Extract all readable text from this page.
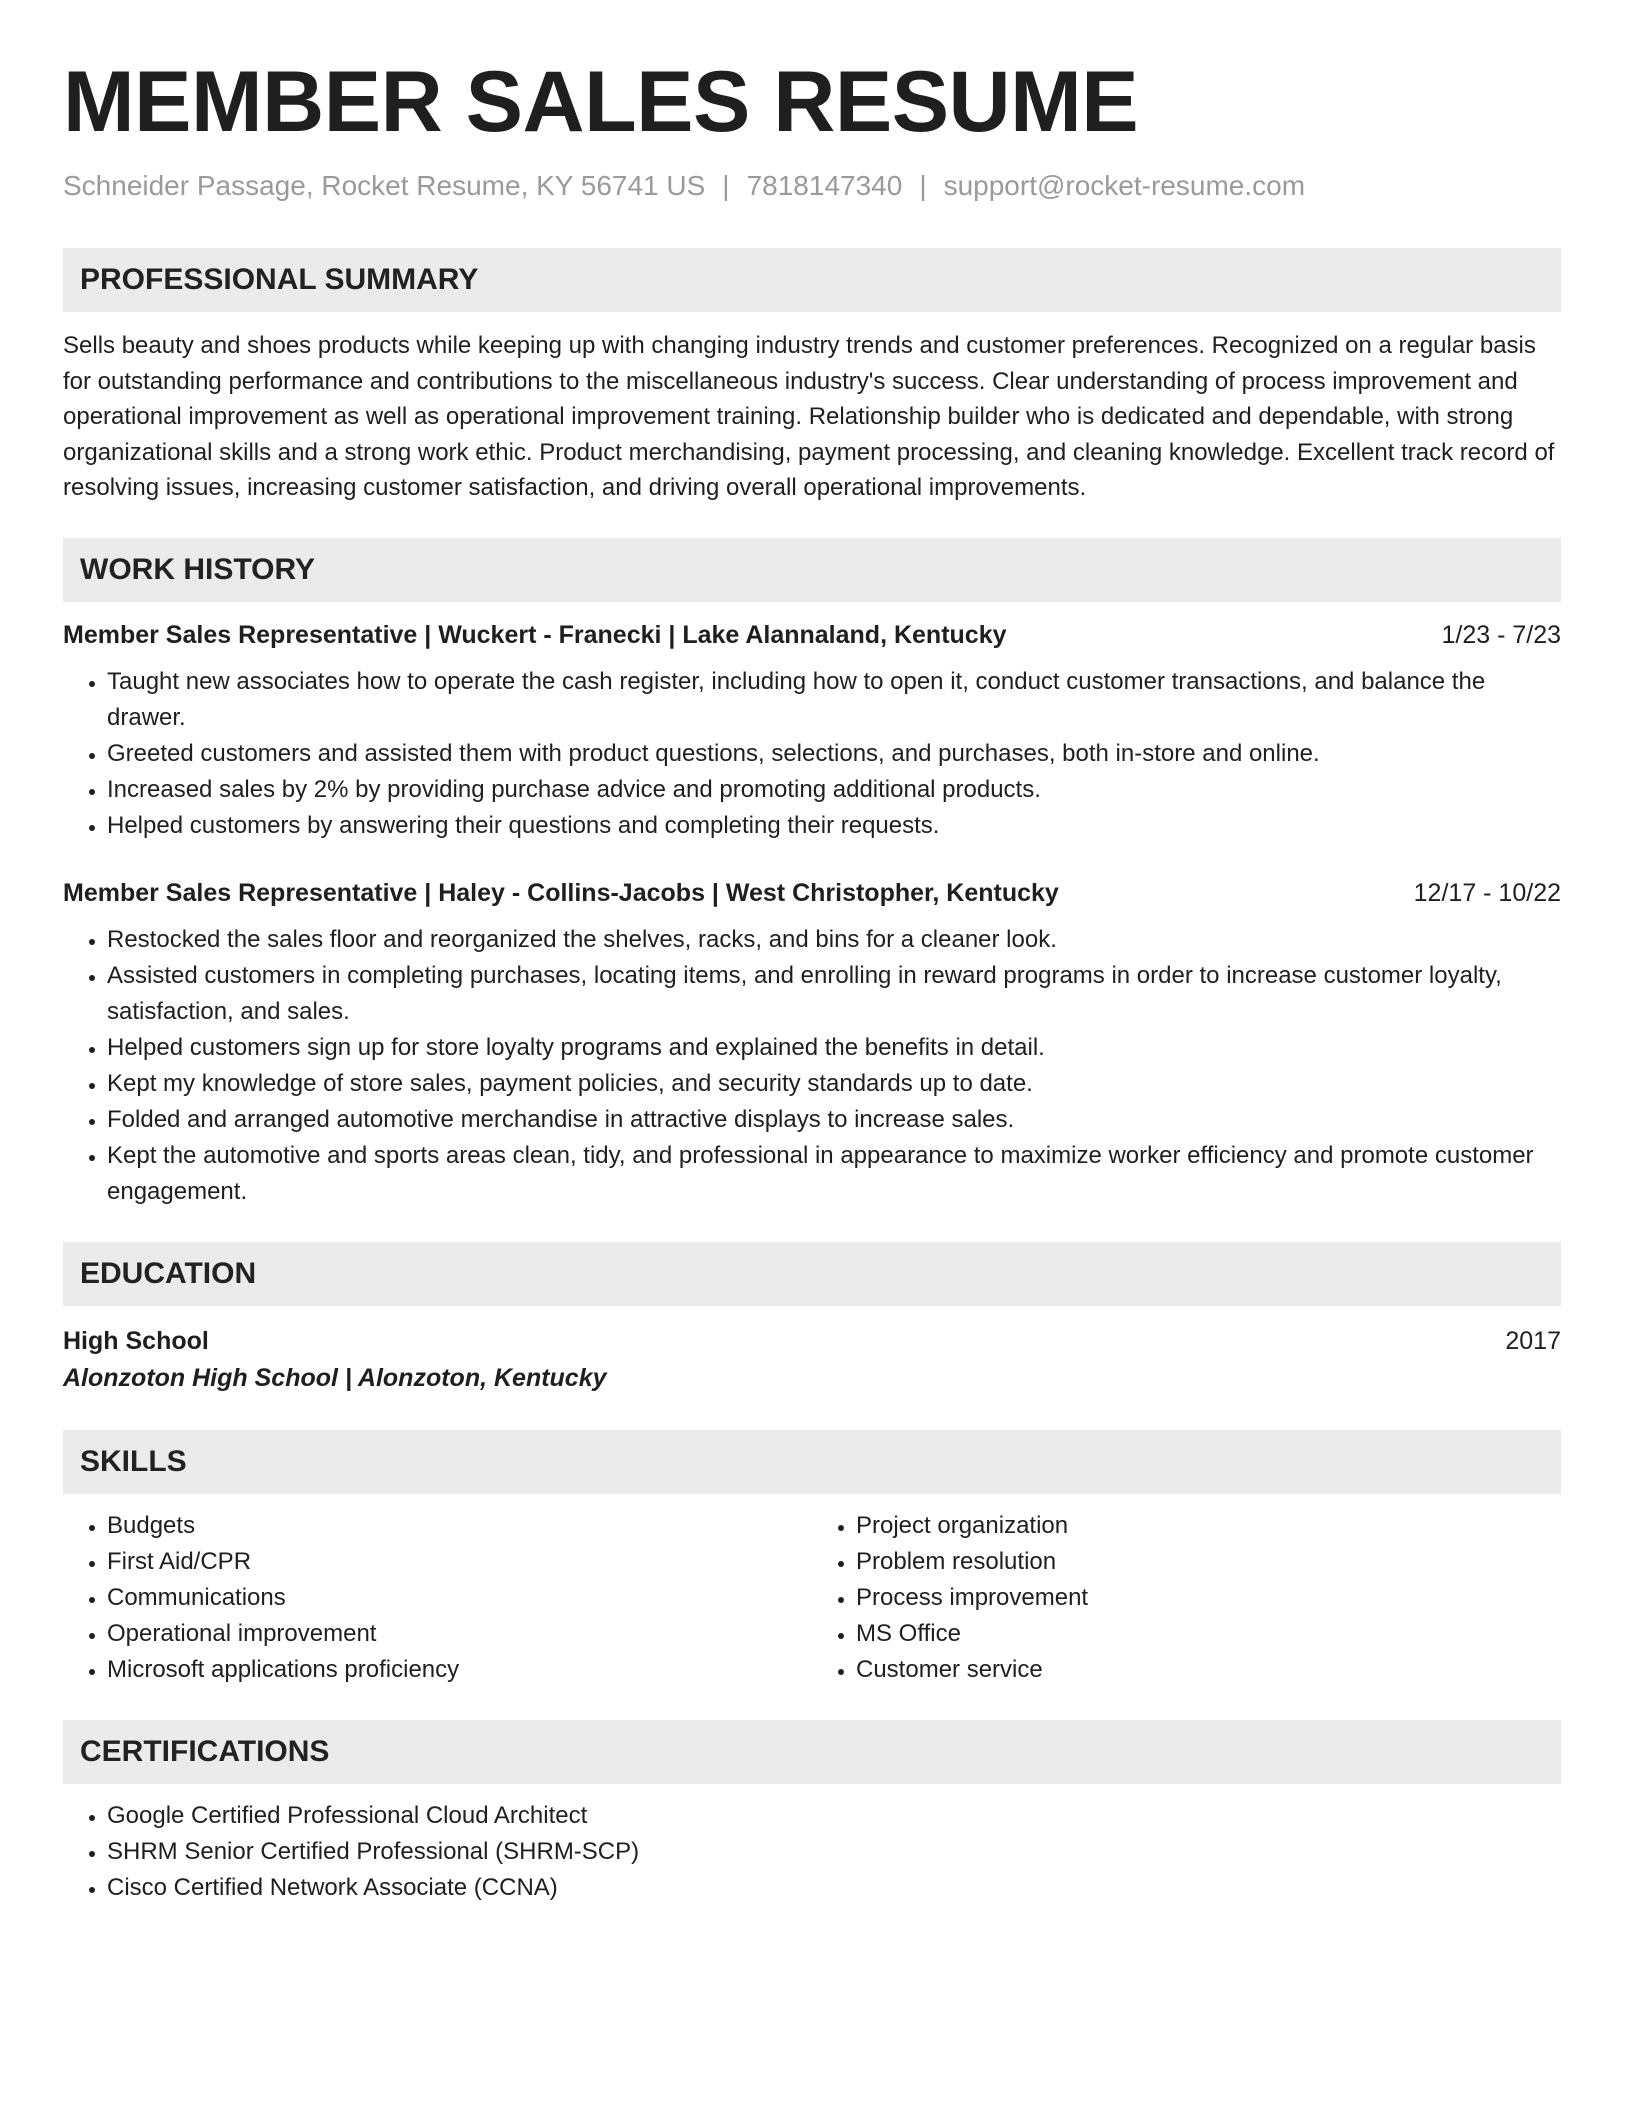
MEMBER SALES RESUME
Schneider Passage, Rocket Resume, KY 56741 US | 7818147340 | support@rocket-resume.com
PROFESSIONAL SUMMARY

Sells beauty and shoes products while keeping up with changing industry trends and customer preferences. Recognized on a regular basis for outstanding performance and contributions to the miscellaneous industry's success. Clear understanding of process improvement and operational improvement as well as operational improvement training. Relationship builder who is dedicated and dependable, with strong organizational skills and a strong work ethic. Product merchandising, payment processing, and cleaning knowledge. Excellent track record of resolving issues, increasing customer satisfaction, and driving overall operational improvements.

WORK HISTORY
Member Sales Representative | Wuckert - Franecki | Lake Alannaland, Kentucky	1/23 - 7/23
• Taught new associates how to operate the cash register, including how to open it, conduct customer transactions, and balance the drawer.
• Greeted customers and assisted them with product questions, selections, and purchases, both in-store and online.
• Increased sales by 2% by providing purchase advice and promoting additional products.
• Helped customers by answering their questions and completing their requests.
Member Sales Representative | Haley - Collins-Jacobs | West Christopher, Kentucky	12/17 - 10/22
• Restocked the sales floor and reorganized the shelves, racks, and bins for a cleaner look.
• Assisted customers in completing purchases, locating items, and enrolling in reward programs in order to increase customer loyalty, satisfaction, and sales.
• Helped customers sign up for store loyalty programs and explained the benefits in detail.
• Kept my knowledge of store sales, payment policies, and security standards up to date.
• Folded and arranged automotive merchandise in attractive displays to increase sales.
• Kept the automotive and sports areas clean, tidy, and professional in appearance to maximize worker efficiency and promote customer engagement.
EDUCATION
High School	2017
Alonzoton High School | Alonzoton, Kentucky
SKILLS
• Budgets
• First Aid/CPR
• Communications
• Operational improvement
• Microsoft applications proficiency
• Project organization
• Problem resolution
• Process improvement
• MS Office
• Customer service
CERTIFICATIONS
• Google Certified Professional Cloud Architect
• SHRM Senior Certified Professional (SHRM-SCP)
• Cisco Certified Network Associate (CCNA)
